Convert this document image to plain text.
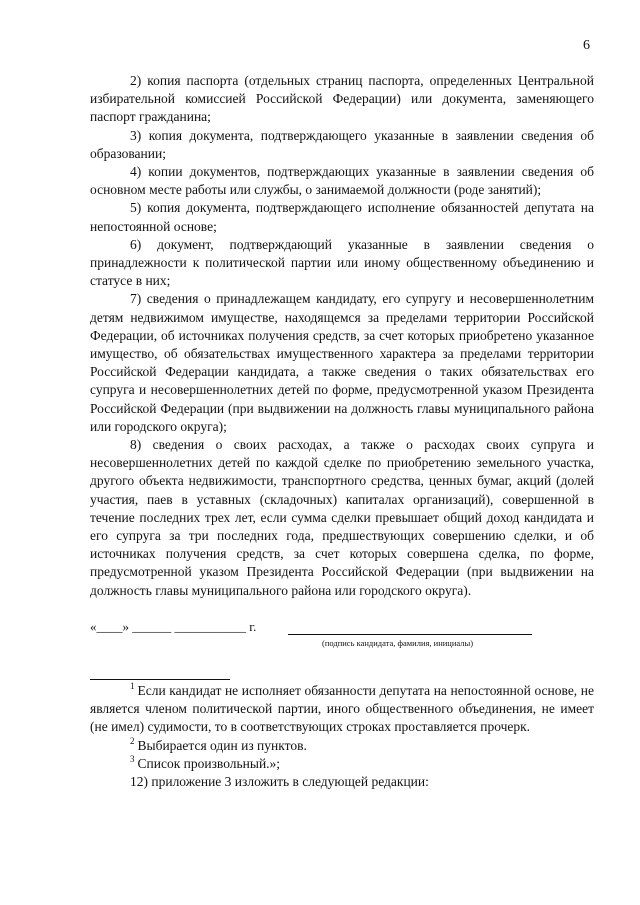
6

2) копия паспорта (отдельных страниц паспорта, определенных Центральной избирательной комиссией Российской Федерации) или документа, заменяющего паспорт гражданина;

3) копия документа, подтверждающего указанные в заявлении сведения об образовании;

4) копии документов, подтверждающих указанные в заявлении сведения об основном месте работы или службы, о занимаемой должности (роде занятий);

5) копия документа, подтверждающего исполнение обязанностей депутата на непостоянной основе;

6) документ, подтверждающий указанные в заявлении сведения о принадлежности к политической партии или иному общественному объединению и статусе в них;

7) сведения о принадлежащем кандидату, его супругу и несовершеннолетним детям недвижимом имуществе, находящемся за пределами территории Российской Федерации, об источниках получения средств, за счет которых приобретено указанное имущество, об обязательствах имущественного характера за пределами территории Российской Федерации кандидата, а также сведения о таких обязательствах его супруга и несовершеннолетних детей по форме, предусмотренной указом Президента Российской Федерации (при выдвижении на должность главы муниципального района или городского округа);

8) сведения о своих расходах, а также о расходах своих супруга и несовершеннолетних детей по каждой сделке по приобретению земельного участка, другого объекта недвижимости, транспортного средства, ценных бумаг, акций (долей участия, паев в уставных (складочных) капиталах организаций), совершенной в течение последних трех лет, если сумма сделки превышает общий доход кандидата и его супруга за три последних года, предшествующих совершению сделки, и об источниках получения средств, за счет которых совершена сделка, по форме, предусмотренной указом Президента Российской Федерации (при выдвижении на должность главы муниципального района или городского округа).

«____» ______ ___________ г.
(подпись кандидата, фамилия, инициалы)

$^1$ Если кандидат не исполняет обязанности депутата на непостоянной основе, не является членом политической партии, иного общественного объединения, не имеет (не имел) судимости, то в соответствующих строках проставляется прочерк.

$^2$ Выбирается один из пунктов.

$^3$ Список произвольный.»;

12) приложение 3 изложить в следующей редакции:
